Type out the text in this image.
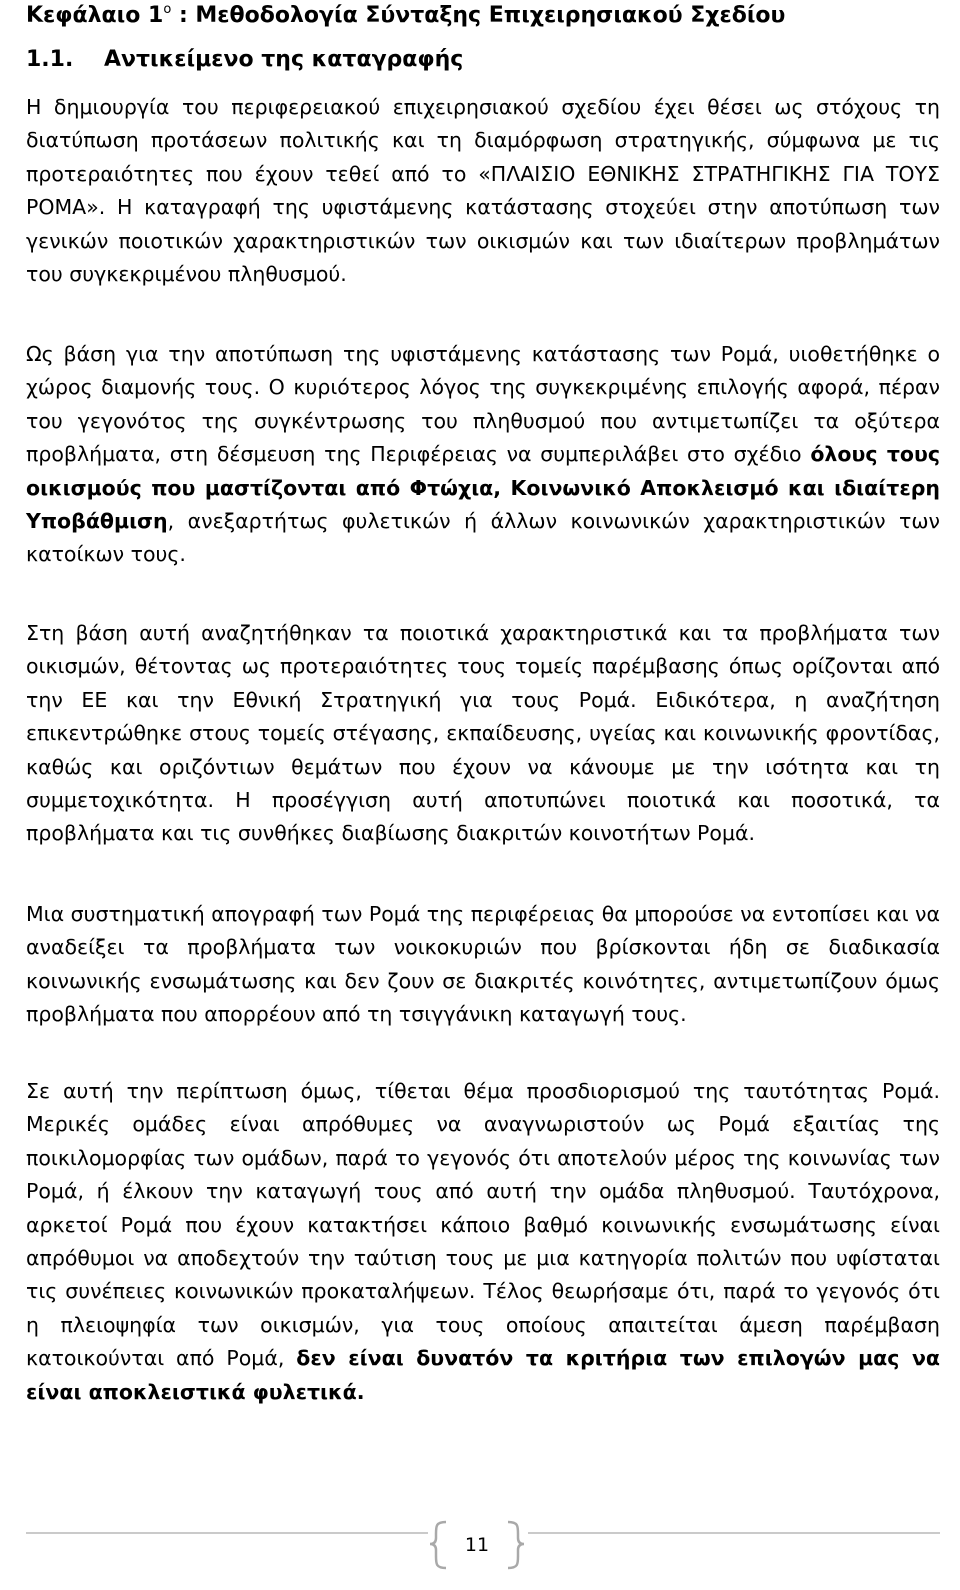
Κεφάλαιο $1^o$ : Μεθοδολογία Σύνταξης Επιχειρησιακού Σχεδίου
1.1. Αντικείμενο της καταγραφής

Η δημιουργία του περιφερειακού επιχειρησιακού σχεδίου έχει θέσει ως στόχους τη διατύπωση προτάσεων πολιτικής και τη διαμόρφωση στρατηγικής, σύμφωνα με τις προτεραιότητες που έχουν τεθεί από το «ΠΛΑΙΣΙΟ ΕΘΝΙΚΗΣ ΣΤΡΑΤΗΓΙΚΗΣ ΓΙΑ ΤΟΥΣ ΡΟΜΑ». Η καταγραφή της υφιστάμενης κατάστασης στοχεύει στην αποτύπωση των γενικών ποιοτικών χαρακτηριστικών των οικισμών και των ιδιαίτερων προβλημάτων του συγκεκριμένου πληθυσμού.

Ως βάση για την αποτύπωση της υφιστάμενης κατάστασης των Ρομά, υιοθετήθηκε ο χώρος διαμονής τους. Ο κυριότερος λόγος της συγκεκριμένης επιλογής αφορά, πέραν του γεγονότος της συγκέντρωσης του πληθυσμού που αντιμετωπίζει τα οξύτερα προβλήματα, στη δέσμευση της Περιφέρειας να συμπεριλάβει στο σχέδιο όλους τους οικισμούς που μαστίζονται από Φτώχια, Κοινωνικό Αποκλεισμό και ιδιαίτερη Υποβάθμιση, ανεξαρτήτως φυλετικών ή άλλων κοινωνικών χαρακτηριστικών των κατοίκων τους.

Στη βάση αυτή αναζητήθηκαν τα ποιοτικά χαρακτηριστικά και τα προβλήματα των οικισμών, θέτοντας ως προτεραιότητες τους τομείς παρέμβασης όπως ορίζονται από την ΕΕ και την Εθνική Στρατηγική για τους Ρομά. Ειδικότερα, η αναζήτηση επικεντρώθηκε στους τομείς στέγασης, εκπαίδευσης, υγείας και κοινωνικής φροντίδας, καθώς και οριζόντιων θεμάτων που έχουν να κάνουμε με την ισότητα και τη συμμετοχικότητα. Η προσέγγιση αυτή αποτυπώνει ποιοτικά και ποσοτικά, τα προβλήματα και τις συνθήκες διαβίωσης διακριτών κοινοτήτων Ρομά.

Μια συστηματική απογραφή των Ρομά της περιφέρειας θα μπορούσε να εντοπίσει και να αναδείξει τα προβλήματα των νοικοκυριών που βρίσκονται ήδη σε διαδικασία κοινωνικής ενσωμάτωσης και δεν ζουν σε διακριτές κοινότητες, αντιμετωπίζουν όμως προβλήματα που απορρέουν από τη τσιγγάνικη καταγωγή τους.

Σε αυτή την περίπτωση όμως, τίθεται θέμα προσδιορισμού της ταυτότητας Ρομά. Μερικές ομάδες είναι απρόθυμες να αναγνωριστούν ως Ρομά εξαιτίας της ποικιλομορφίας των ομάδων, παρά το γεγονός ότι αποτελούν μέρος της κοινωνίας των Ρομά, ή έλκουν την καταγωγή τους από αυτή την ομάδα πληθυσμού. Ταυτόχρονα, αρκετοί Ρομά που έχουν κατακτήσει κάποιο βαθμό κοινωνικής ενσωμάτωσης είναι απρόθυμοι να αποδεχτούν την ταύτιση τους με μια κατηγορία πολιτών που υφίσταται τις συνέπειες κοινωνικών προκαταλήψεων. Τέλος θεωρήσαμε ότι, παρά το γεγονός ότι η πλειοψηφία των οικισμών, για τους οποίους απαιτείται άμεση παρέμβαση κατοικούνται από Ρομά, δεν είναι δυνατόν τα κριτήρια των επιλογών μας να είναι αποκλειστικά φυλετικά.

11
